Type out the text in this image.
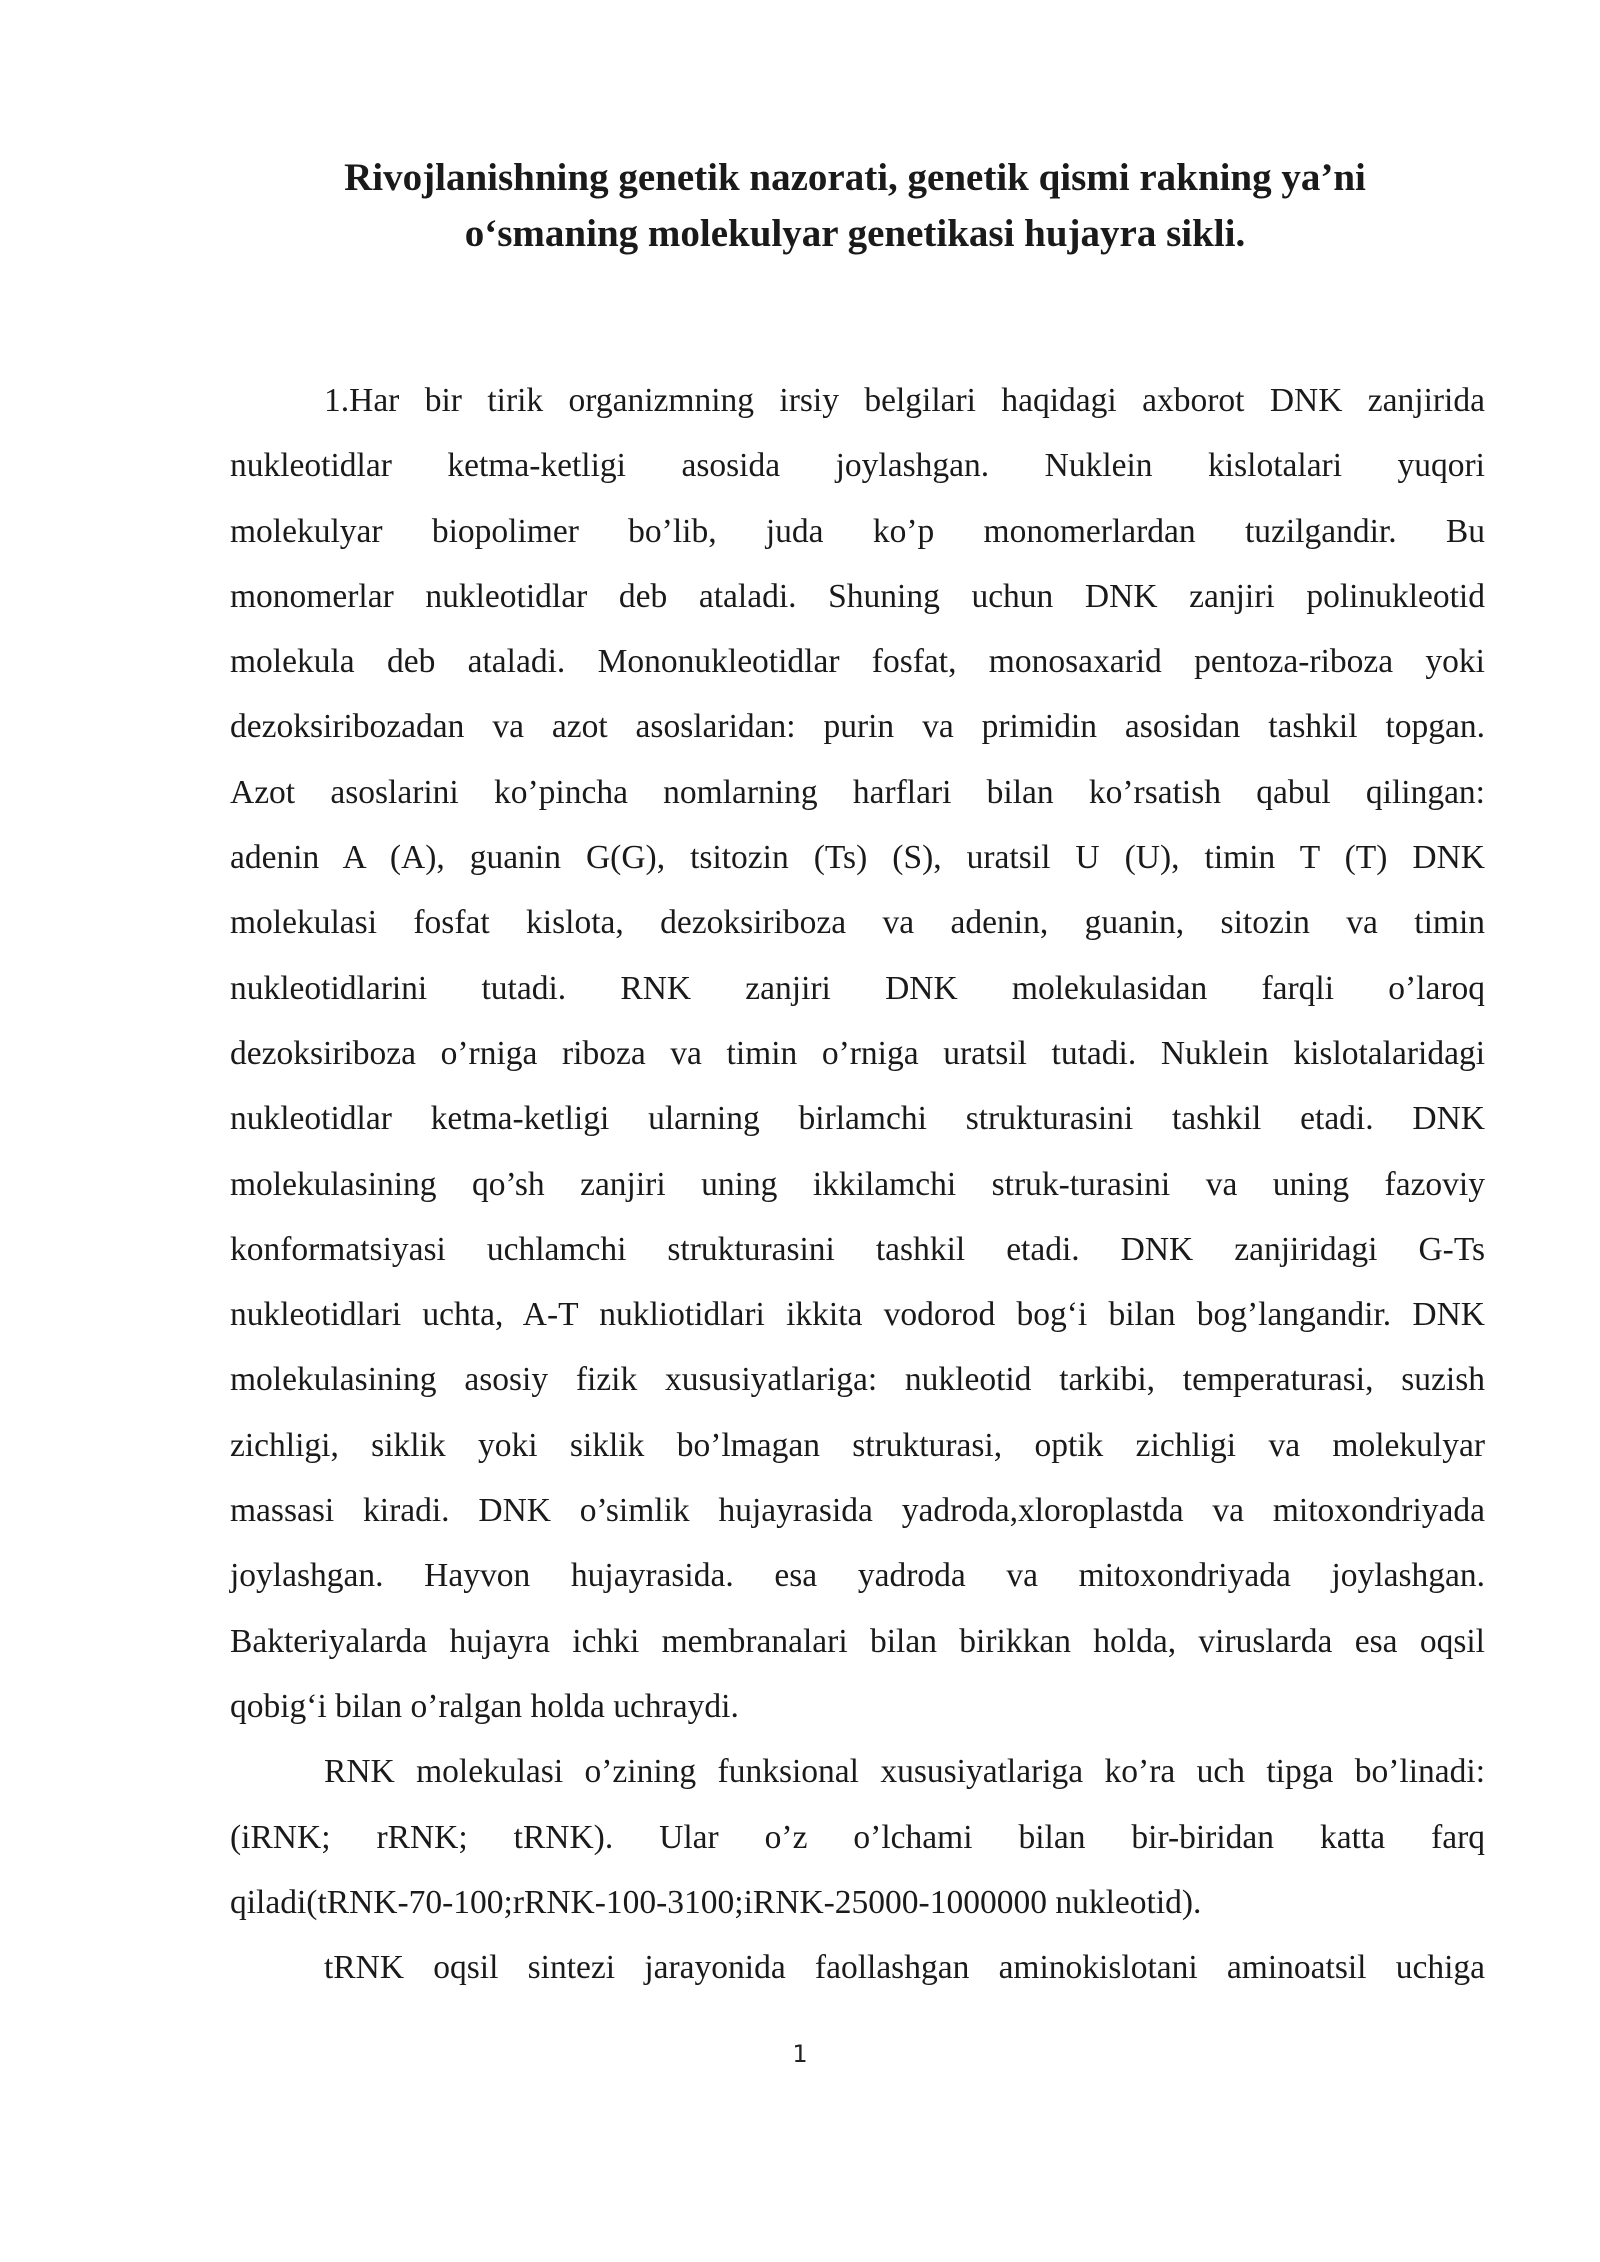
Rivojlanishning genetik nazorati, genetik qismi rakning ya’ni
o‘smaning molekulyar genetikasi hujayra sikli.

1.Har bir tirik organizmning irsiy belgilari haqidagi axborot DNK zanjirida
nukleotidlar ketma-ketligi asosida joylashgan. Nuklein kislotalari yuqori
molekulyar biopolimer bo’lib, juda ko’p monomerlardan tuzilgandir. Bu
monomerlar nukleotidlar deb ataladi. Shuning uchun DNK zanjiri polinukleotid
molekula deb ataladi. Mononukleotidlar fosfat, monosaxarid pentoza-riboza yoki
dezoksiribozadan va azot asoslaridan: purin va primidin asosidan tashkil topgan.
Azot asoslarini ko’pincha nomlarning harflari bilan ko’rsatish qabul qilingan:
adenin A (A), guanin G(G), tsitozin (Ts) (S), uratsil U (U), timin T (T) DNK
molekulasi fosfat kislota, dezoksiriboza va adenin, guanin, sitozin va timin
nukleotidlarini tutadi. RNK zanjiri DNK molekulasidan farqli o’laroq
dezoksiriboza o’rniga riboza va timin o’rniga uratsil tutadi. Nuklein kislotalaridagi
nukleotidlar ketma-ketligi ularning birlamchi strukturasini tashkil etadi. DNK
molekulasining qo’sh zanjiri uning ikkilamchi struk-turasini va uning fazoviy
konformatsiyasi uchlamchi strukturasini tashkil etadi. DNK zanjiridagi G-Ts
nukleotidlari uchta, A-T nukliotidlari ikkita vodorod bog‘i bilan bog’langandir. DNK
molekulasining asosiy fizik xususiyatlariga: nukleotid tarkibi, temperaturasi, suzish
zichligi, siklik yoki siklik bo’lmagan strukturasi, optik zichligi va molekulyar
massasi kiradi. DNK o’simlik hujayrasida yadroda,xloroplastda va mitoxondriyada
joylashgan. Hayvon hujayrasida. esa yadroda va mitoxondriyada joylashgan.
Bakteriyalarda hujayra ichki membranalari bilan birikkan holda, viruslarda esa oqsil
qobig‘i bilan o’ralgan holda uchraydi.

RNK molekulasi o’zining funksional xususiyatlariga ko’ra uch tipga bo’linadi:
(iRNK; rRNK; tRNK). Ular o’z o’lchami bilan bir-biridan katta farq
qiladi(tRNK-70-100;rRNK-100-3100;iRNK-25000-1000000 nukleotid).

tRNK oqsil sintezi jarayonida faollashgan aminokislotani aminoatsil uchiga

1
